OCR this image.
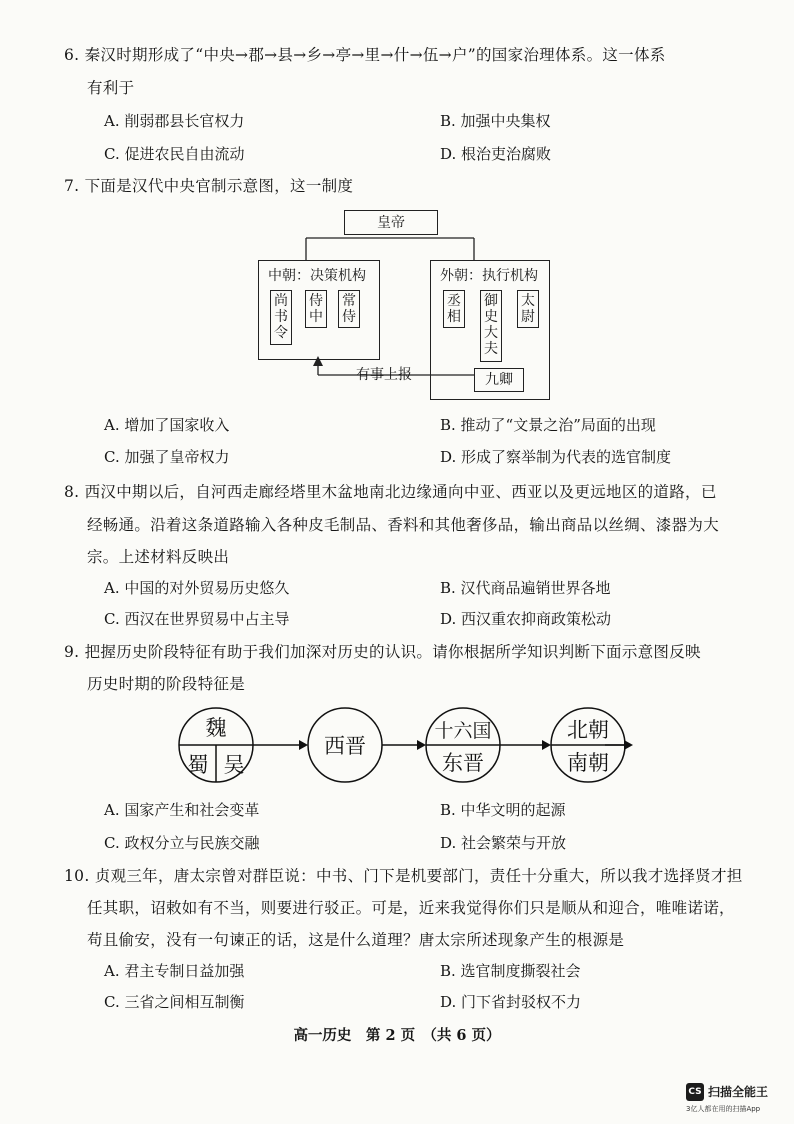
6. 秦汉时期形成了“中央→郡→县→乡→亭→里→什→伍→户”的国家治理体系。这一体系
有利于
A. 削弱郡县长官权力	B. 加强中央集权
C. 促进农民自由流动	D. 根治吏治腐败
7. 下面是汉代中央官制示意图，这一制度
皇帝
中朝：决策机构
尚书令
侍中
常侍
外朝：执行机构
丞相
御史大夫
太尉
九卿
有事上报
A. 增加了国家收入	B. 推动了“文景之治”局面的出现
C. 加强了皇帝权力	D. 形成了察举制为代表的选官制度
8. 西汉中期以后，自河西走廊经塔里木盆地南北边缘通向中亚、西亚以及更远地区的道路，已
经畅通。沿着这条道路输入各种皮毛制品、香料和其他奢侈品，输出商品以丝绸、漆器为大
宗。上述材料反映出
A. 中国的对外贸易历史悠久	B. 汉代商品遍销世界各地
C. 西汉在世界贸易中占主导	D. 西汉重农抑商政策松动
9. 把握历史阶段特征有助于我们加深对历史的认识。请你根据所学知识判断下面示意图反映
历史时期的阶段特征是
魏
蜀 吴
西晋
十六国
东晋
北朝
南朝
A. 国家产生和社会变革	B. 中华文明的起源
C. 政权分立与民族交融	D. 社会繁荣与开放
10. 贞观三年，唐太宗曾对群臣说：中书、门下是机要部门，责任十分重大，所以我才选择贤才担
任其职，诏敕如有不当，则要进行驳正。可是，近来我觉得你们只是顺从和迎合，唯唯诺诺，
苟且偷安，没有一句谏正的话，这是什么道理？唐太宗所述现象产生的根源是
A. 君主专制日益加强	B. 选官制度撕裂社会
C. 三省之间相互制衡	D. 门下省封驳权不力
高一历史　第 2 页　（共 6 页）
CS 扫描全能王
3亿人都在用的扫描App
